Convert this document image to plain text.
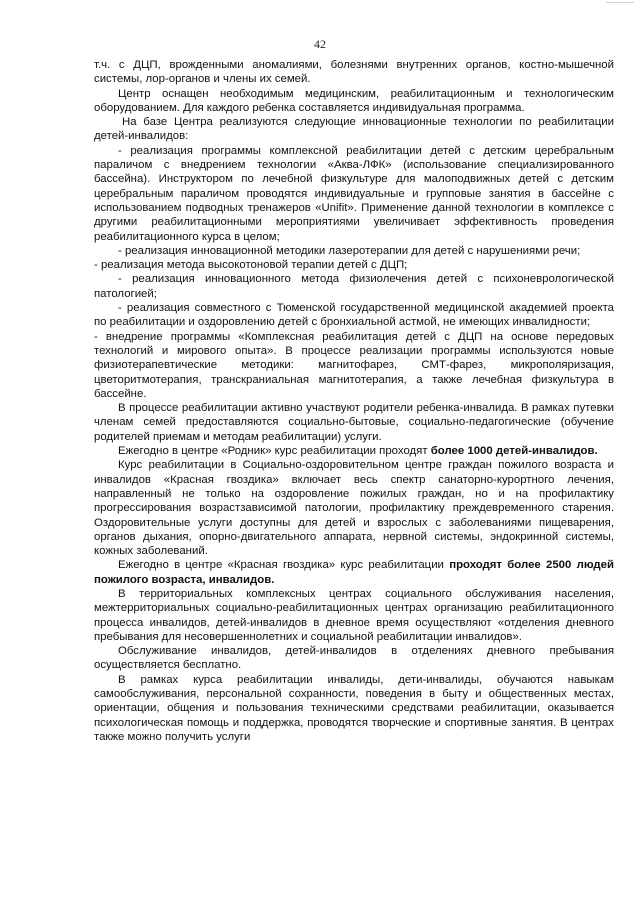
42

т.ч. с ДЦП, врожденными аномалиями, болезнями внутренних органов, костно-мышечной системы, лор-органов и члены их семей.

Центр оснащен необходимым медицинским, реабилитационным и технологическим оборудованием. Для каждого ребенка составляется индивидуальная программа.

На базе Центра реализуются следующие инновационные технологии по реабилитации детей-инвалидов:

- реализация программы комплексной реабилитации детей с детским церебральным параличом с внедрением технологии «Аква-ЛФК» (использование специализированного бассейна). Инструктором по лечебной физкультуре для малоподвижных детей с детским церебральным параличом проводятся индивидуальные и групповые занятия в бассейне с использованием подводных тренажеров «Unifit». Применение данной технологии в комплексе с другими реабилитационными мероприятиями увеличивает эффективность проведения реабилитационного курса в целом;

- реализация инновационной методики лазеротерапии для детей с нарушениями речи;

- реализация метода высокотоновой терапии детей с ДЦП;

- реализация инновационного метода физиолечения детей с психоневрологической патологией;

- реализация совместного с Тюменской государственной медицинской академией проекта по реабилитации и оздоровлению детей с бронхиальной астмой, не имеющих инвалидности;

- внедрение программы «Комплексная реабилитация детей с ДЦП на основе передовых технологий и мирового опыта». В процессе реализации программы используются новые физиотерапевтические методики: магнитофарез, СМТ-фарез, микрополяризация, цветоритмотерапия, транскраниальная магнитотерапия, а также лечебная физкультура в бассейне.

В процессе реабилитации активно участвуют родители ребенка-инвалида. В рамках путевки членам семей предоставляются социально-бытовые, социально-педагогические (обучение родителей приемам и методам реабилитации) услуги.

Ежегодно в центре «Родник» курс реабилитации проходят более 1000 детей-инвалидов.

Курс реабилитации в Социально-оздоровительном центре граждан пожилого возраста и инвалидов «Красная гвоздика» включает весь спектр санаторно-курортного лечения, направленный не только на оздоровление пожилых граждан, но и на профилактику прогрессирования возрастзависимой патологии, профилактику преждевременного старения. Оздоровительные услуги доступны для детей и взрослых с заболеваниями пищеварения, органов дыхания, опорно-двигательного аппарата, нервной системы, эндокринной системы, кожных заболеваний.

Ежегодно в центре «Красная гвоздика» курс реабилитации проходят более 2500 людей пожилого возраста, инвалидов.

В территориальных комплексных центрах социального обслуживания населения, межтерриториальных социально-реабилитационных центрах организацию реабилитационного процесса инвалидов, детей-инвалидов в дневное время осуществляют «отделения дневного пребывания для несовершеннолетних и социальной реабилитации инвалидов».

Обслуживание инвалидов, детей-инвалидов в отделениях дневного пребывания осуществляется бесплатно.

В рамках курса реабилитации инвалиды, дети-инвалиды, обучаются навыкам самообслуживания, персональной сохранности, поведения в быту и общественных местах, ориентации, общения и пользования техническими средствами реабилитации, оказывается психологическая помощь и поддержка, проводятся творческие и спортивные занятия. В центрах также можно получить услуги
